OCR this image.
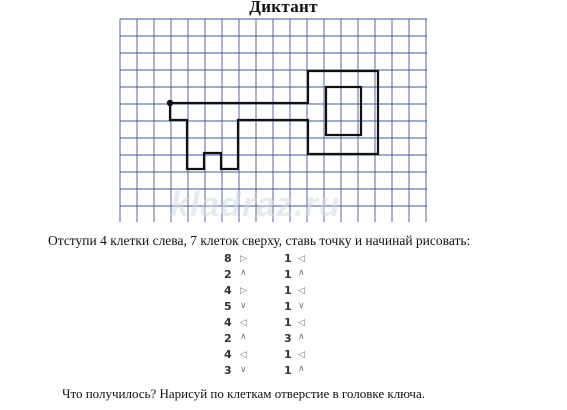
Диктант
kladraz.ru
Отступи 4 клетки слева, 7 клеток сверху, ставь точку и начинай рисовать:
8 ▷
2 ∧
4 ▷
5 ∨
4 ◁
2 ∧
4 ◁
3 ∨
1 ◁
1 ∧
1 ◁
1 ∨
1 ◁
3 ∧
1 ◁
1 ∧
Что получилось? Нарисуй по клеткам отверстие в головке ключа.
